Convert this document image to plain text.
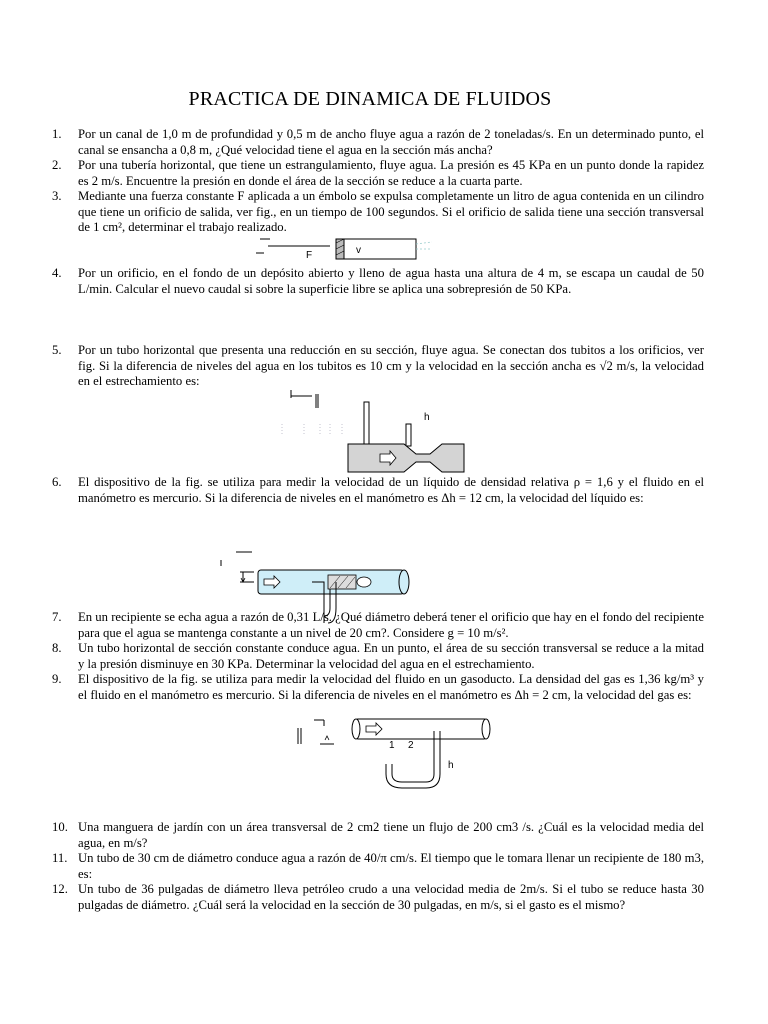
PRACTICA DE DINAMICA DE FLUIDOS
1. Por un canal de 1,0 m de profundidad y 0,5 m de ancho fluye agua a razón de 2 toneladas/s. En un determinado punto, el canal se ensancha a 0,8 m, ¿Qué velocidad tiene el agua en la sección más ancha?
2. Por una tubería horizontal, que tiene un estrangulamiento, fluye agua. La presión es 45 KPa en un punto donde la rapidez es 2 m/s. Encuentre la presión en donde el área de la sección se reduce a la cuarta parte.
3. Mediante una fuerza constante F aplicada a un émbolo se expulsa completamente un litro de agua contenida en un cilindro que tiene un orificio de salida, ver fig., en un tiempo de 100 segundos. Si el orificio de salida tiene una sección transversal de 1 cm², determinar el trabajo realizado.
F	v
4. Por un orificio, en el fondo de un depósito abierto y lleno de agua hasta una altura de 4 m, se escapa un caudal de 50 L/min. Calcular el nuevo caudal si sobre la superficie libre se aplica una sobrepresión de 50 KPa.
5. Por un tubo horizontal que presenta una reducción en su sección, fluye agua. Se conectan dos tubitos a los orificios, ver fig. Si la diferencia de niveles del agua en los tubitos es 10 cm y la velocidad en la sección ancha es √2 m/s, la velocidad en el estrechamiento es:
h
6. El dispositivo de la fig. se utiliza para medir la velocidad de un líquido de densidad relativa ρ = 1,6 y el fluido en el manómetro es mercurio. Si la diferencia de niveles en el manómetro es Δh = 12 cm, la velocidad del líquido es:
7. En un recipiente se echa agua a razón de 0,31 L/s. ¿Qué diámetro deberá tener el orificio que hay en el fondo del recipiente para que el agua se mantenga constante a un nivel de 20 cm?. Considere g = 10 m/s².
8. Un tubo horizontal de sección constante conduce agua. En un punto, el área de su sección transversal se reduce a la mitad y la presión disminuye en 30 KPa. Determinar la velocidad del agua en el estrechamiento.
9. El dispositivo de la fig. se utiliza para medir la velocidad del fluido en un gasoducto. La densidad del gas es 1,36 kg/m³ y el fluido en el manómetro es mercurio. Si la diferencia de niveles en el manómetro es Δh = 2 cm, la velocidad del gas es:
1 2
h
10. Una manguera de jardín con un área transversal de 2 cm2 tiene un flujo de 200 cm3 /s. ¿Cuál es la velocidad media del agua, en m/s?
11. Un tubo de 30 cm de diámetro conduce agua a razón de 40/π cm/s. El tiempo que le tomara llenar un recipiente de 180 m3, es:
12. Un tubo de 36 pulgadas de diámetro lleva petróleo crudo a una velocidad media de 2m/s. Si el tubo se reduce hasta 30 pulgadas de diámetro. ¿Cuál será la velocidad en la sección de 30 pulgadas, en m/s, si el gasto es el mismo?
